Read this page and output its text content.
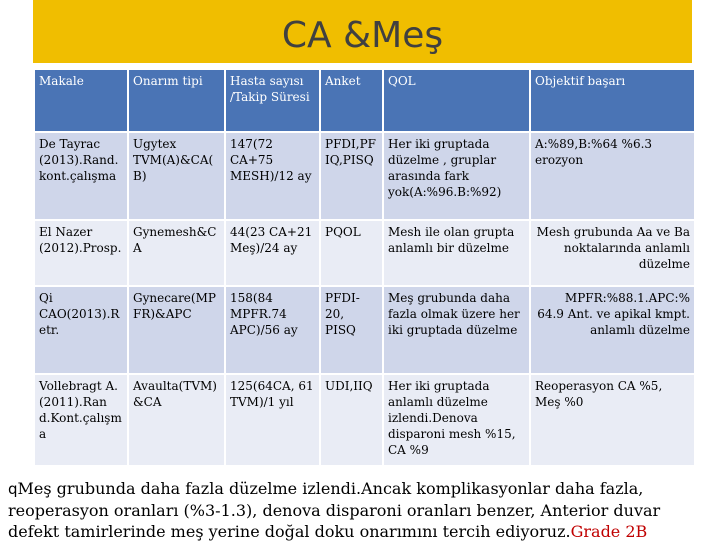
CA &Meş
Makale	Onarım tipi	Hasta sayısı /Takip Süresi	Anket	QOL	Objektif başarı
De Tayrac (2013).Rand. kont.çalışma	Ugytex TVM(A)&CA( B)	147(72 CA+75 MESH)/12 ay	PFDI,PF IQ,PISQ	Her iki gruptada düzelme , gruplar arasında fark yok(A:%96.B:%92)	A:%89,B:%64 %6.3 erozyon
El Nazer (2012).Prosp.	Gynemesh&C A	44(23 CA+21 Meş)/24 ay	PQOL	Mesh ile olan grupta anlamlı bir düzelme	Mesh grubunda Aa ve Ba noktalarında anlamlı düzelme
Qi CAO(2013).R etr.	Gynecare(MP FR)&APC	158(84 MPFR.74 APC)/56 ay	PFDI-20, PISQ	Meş grubunda daha fazla olmak üzere her iki gruptada düzelme	MPFR:%88.1.APC:% 64.9 Ant. ve apikal kmpt. anlamlı düzelme
Vollebragt A.(2011).Ran d.Kont.çalışm a	Avaulta(TVM) &CA	125(64CA, 61 TVM)/1 yıl	UDI,IIQ	Her iki gruptada anlamlı düzelme izlendi.Denova disparoni mesh %15, CA %9	Reoperasyon CA %5, Meş %0
qMeş grubunda daha fazla düzelme izlendi.Ancak komplikasyonlar daha fazla, reoperasyon oranları (%3-1.3), denova disparoni oranları benzer, Anterior duvar defekt tamirlerinde meş yerine doğal doku onarımını tercih ediyoruz.Grade 2B
